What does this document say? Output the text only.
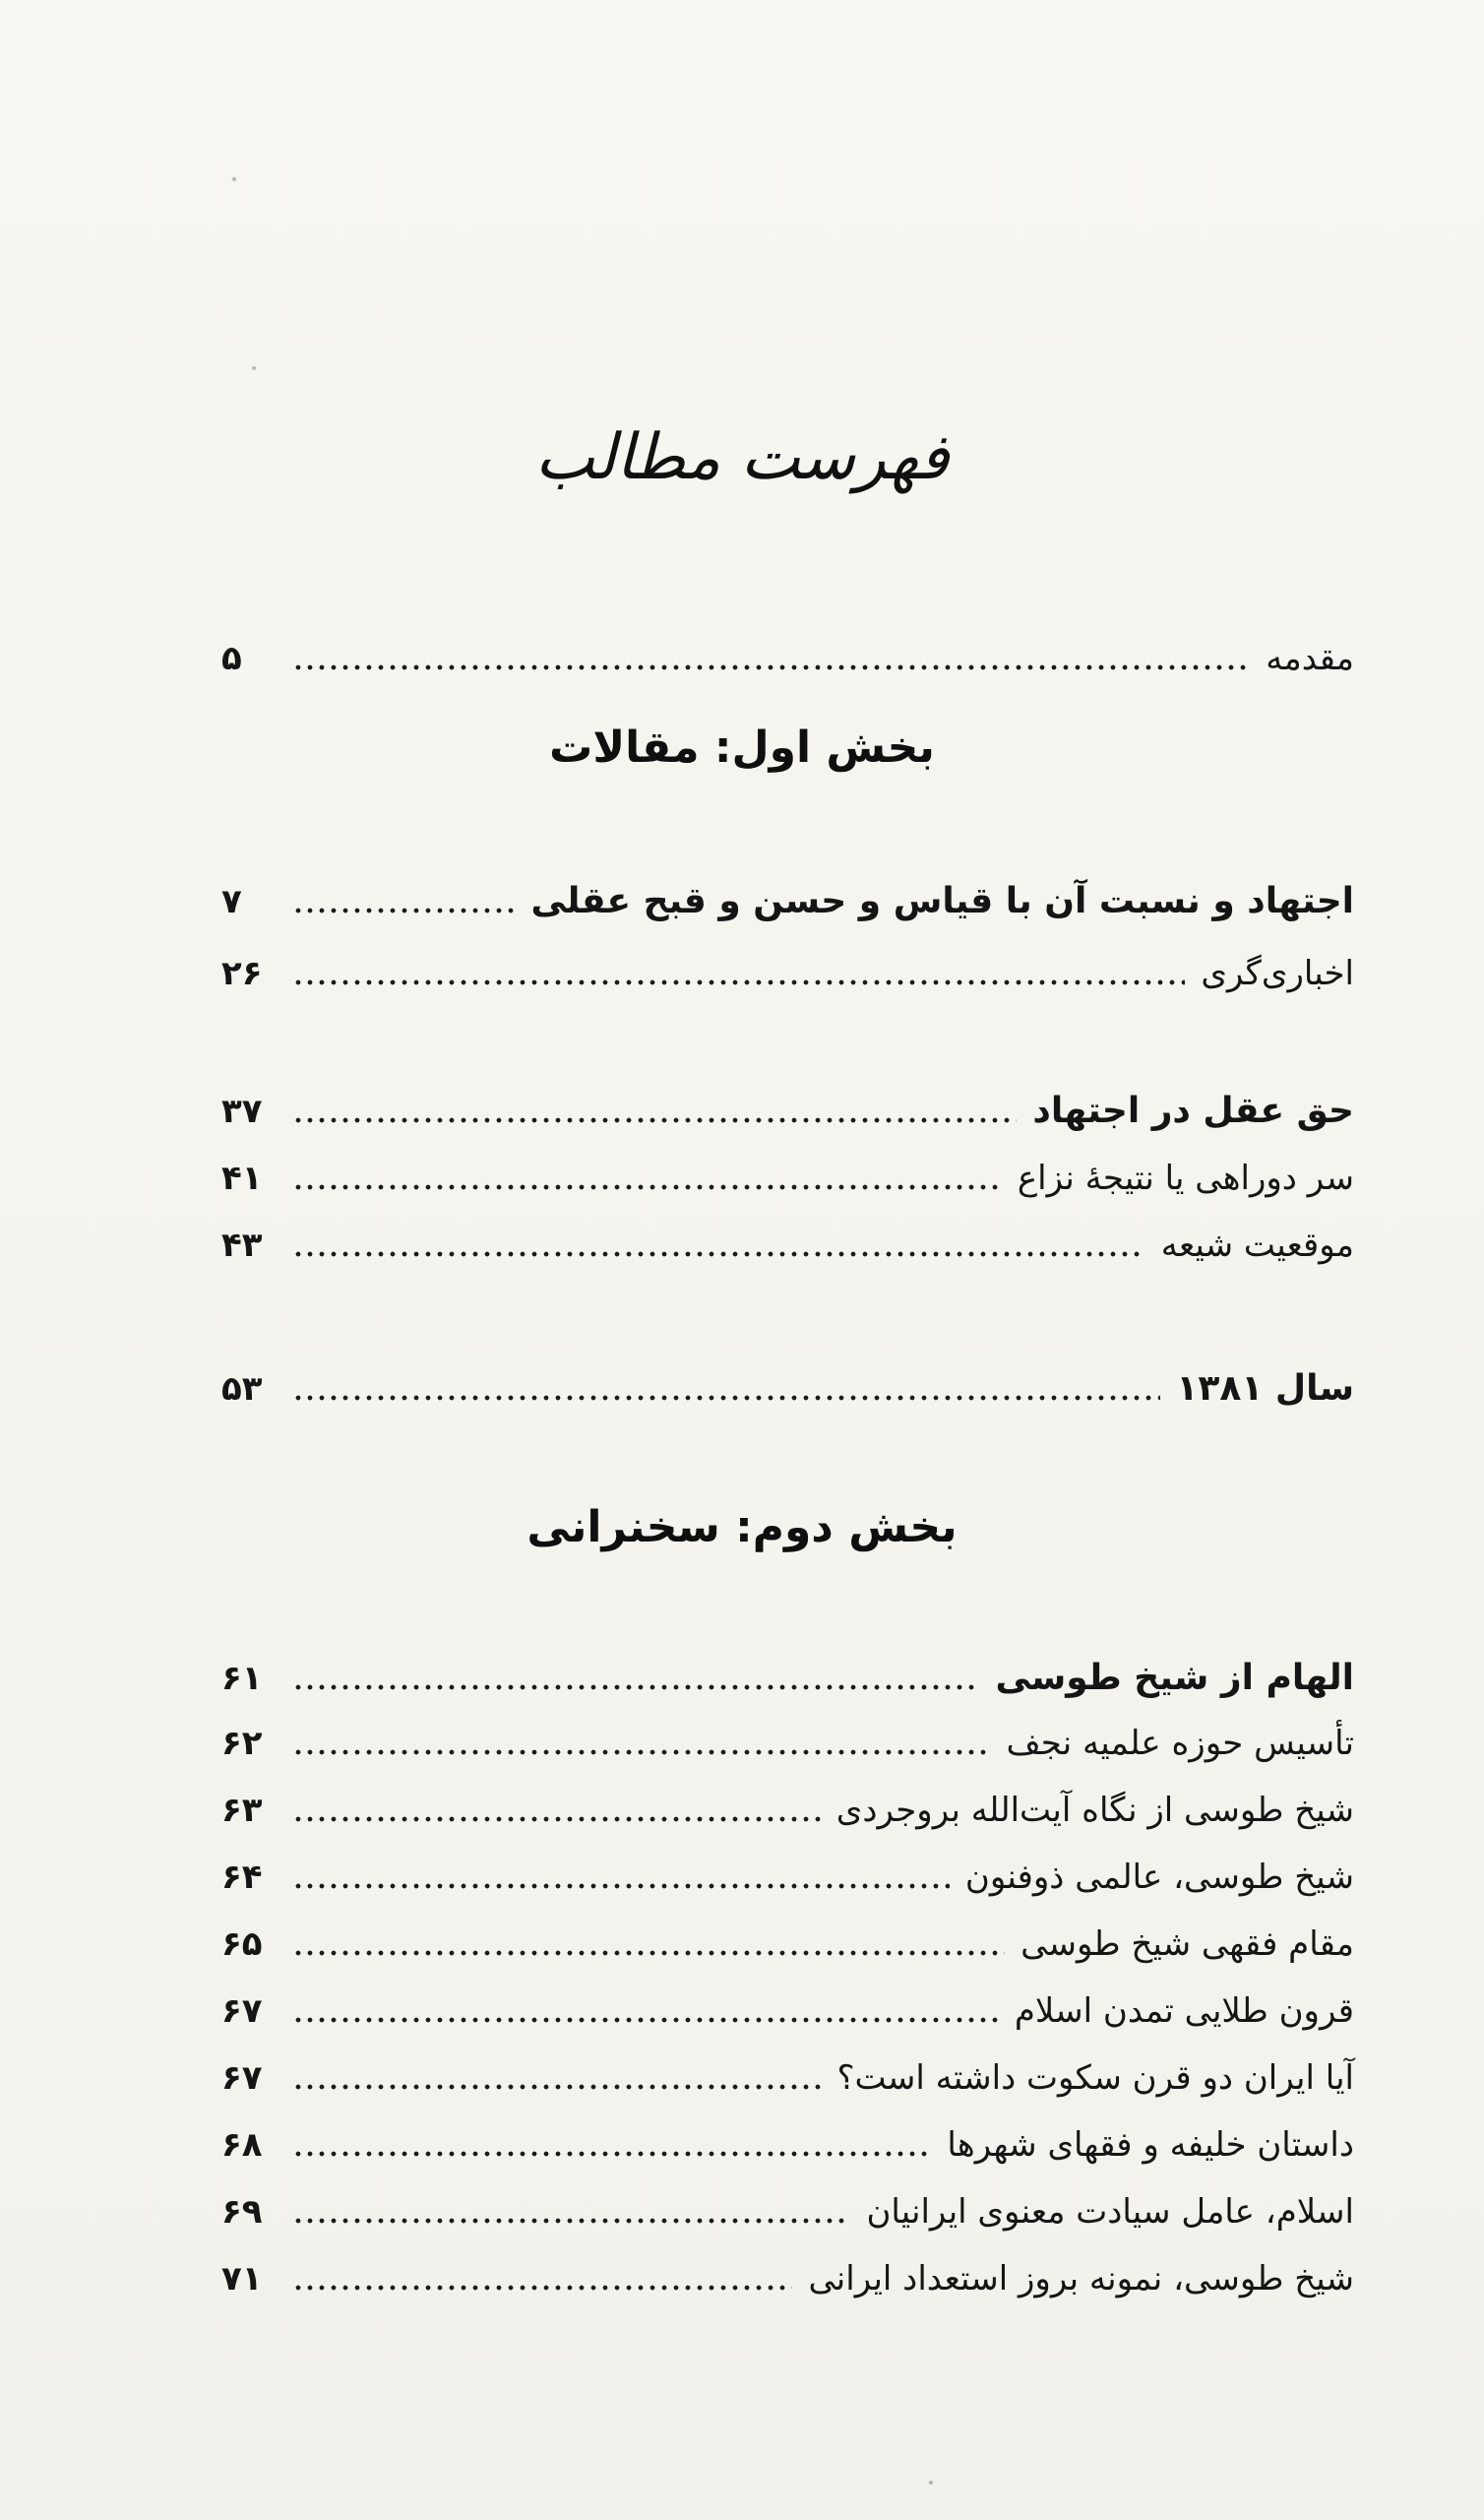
فهرست مطالب
مقدمه
۵
اجتهاد و نسبت آن با قیاس و حسن و قبح عقلی
۷
اخباری‌گری
۲۶
حق عقل در اجتهاد
۳۷
سر دوراهی یا نتیجهٔ نزاع
۴۱
موقعیت شیعه
۴۳
سال ۱۳۸۱
۵۳
الهام از شیخ طوسی
۶۱
تأسیس حوزه علمیه نجف
۶۲
شیخ طوسی از نگاه آیت‌الله بروجردی
۶۳
شیخ طوسی، عالمی ذوفنون
۶۴
مقام فقهی شیخ طوسی
۶۵
قرون طلایی تمدن اسلام
۶۷
آیا ایران دو قرن سکوت داشته است؟
۶۷
داستان خلیفه و فقهای شهرها
۶۸
اسلام، عامل سیادت معنوی ایرانیان
۶۹
شیخ طوسی، نمونه بروز استعداد ایرانی
۷۱
بخش اول: مقالات
بخش دوم: سخنرانی
